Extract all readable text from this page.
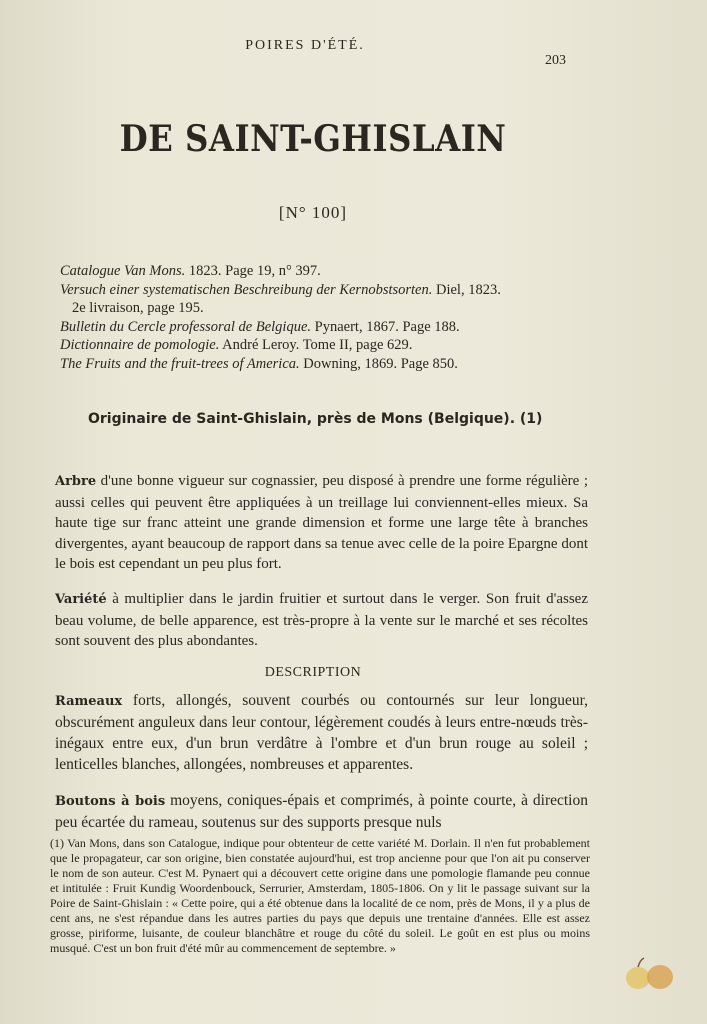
POIRES D'ÉTÉ.
203
DE SAINT-GHISLAIN
[N° 100]

Catalogue Van Mons. 1823. Page 19, n° 397.

Versuch einer systematischen Beschreibung der Kernobstsorten. Diel, 1823.

2e livraison, page 195.

Bulletin du Cercle professoral de Belgique. Pynaert, 1867. Page 188.

Dictionnaire de pomologie. André Leroy. Tome II, page 629.

The Fruits and the fruit-trees of America. Downing, 1869. Page 850.

Originaire de Saint-Ghislain, près de Mons (Belgique). (1)

Arbre d'une bonne vigueur sur cognassier, peu disposé à prendre une forme régulière ; aussi celles qui peuvent être appliquées à un treillage lui conviennent-elles mieux. Sa haute tige sur franc atteint une grande dimension et forme une large tête à branches divergentes, ayant beaucoup de rapport dans sa tenue avec celle de la poire Epargne dont le bois est cependant un peu plus fort.

Variété à multiplier dans le jardin fruitier et surtout dans le verger. Son fruit d'assez beau volume, de belle apparence, est très-propre à la vente sur le marché et ses récoltes sont souvent des plus abondantes.

DESCRIPTION

Rameaux forts, allongés, souvent courbés ou contournés sur leur longueur, obscurément anguleux dans leur contour, légèrement coudés à leurs entre-nœuds très-inégaux entre eux, d'un brun verdâtre à l'ombre et d'un brun rouge au soleil ; lenticelles blanches, allongées, nombreuses et apparentes.

Boutons à bois moyens, coniques-épais et comprimés, à pointe courte, à direction peu écartée du rameau, soutenus sur des supports presque nuls

(1) Van Mons, dans son Catalogue, indique pour obtenteur de cette variété M. Dorlain. Il n'en fut probablement que le propagateur, car son origine, bien constatée aujourd'hui, est trop ancienne pour que l'on ait pu conserver le nom de son auteur. C'est M. Pynaert qui a découvert cette origine dans une pomologie flamande peu connue et intitulée : Fruit Kundig Woordenbouck, Serrurier, Amsterdam, 1805-1806. On y lit le passage suivant sur la Poire de Saint-Ghislain : « Cette poire, qui a été obtenue dans la localité de ce nom, près de Mons, il y a plus de cent ans, ne s'est répandue dans les autres parties du pays que depuis une trentaine d'années. Elle est assez grosse, piriforme, luisante, de couleur blanchâtre et rouge du côté du soleil. Le goût en est plus ou moins musqué. C'est un bon fruit d'été mûr au commencement de septembre. »
